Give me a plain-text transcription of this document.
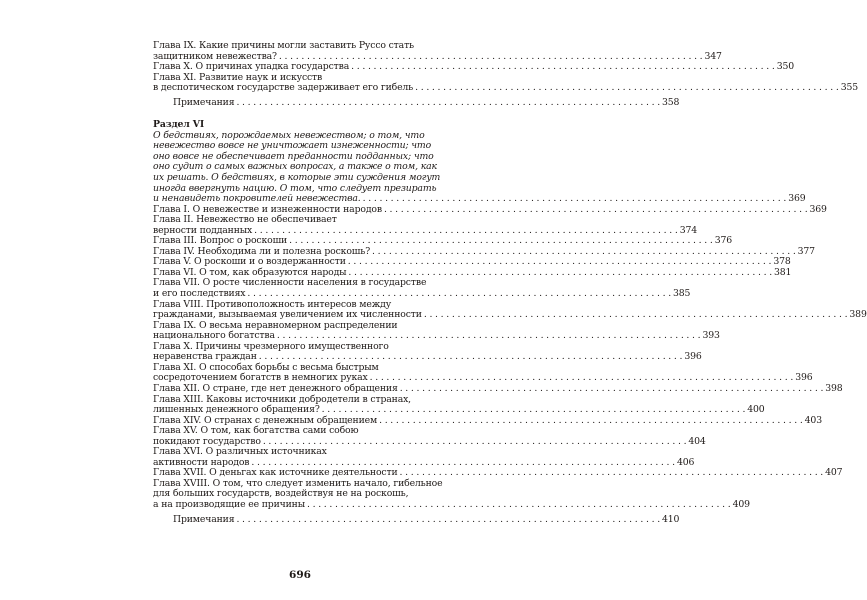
Глава IX. Какие причины могли заставить Руссо стать
защитником невежества? . . .	347
Глава X. О причинах упадка государства . . .	350
Глава XI. Развитие наук и искусств
в деспотическом государстве задерживает его гибель . . .	355
Примечания . . .	358
Раздел VI
О бедствиях, порождаемых невежеством; о том, что невежество вовсе не уничтожает изнеженности; что оно вовсе не обеспечивает преданности подданных; что оно судит о самых важных вопросах, а также о том, как их решать. О бедствиях, в которые эти суждения могут иногда ввергнуть нацию. О том, что следует презирать
и ненавидеть покровителей невежества. . . .	369
Глава I. О невежестве и изнеженности народов . . .	369
Глава II. Невежество не обеспечивает
верности подданных . . .	374
Глава III. Вопрос о роскоши . . .	376
Глава IV. Необходима ли и полезна роскошь? . . .	377
Глава V. О роскоши и о воздержанности . . .	378
Глава VI. О том, как образуются народы . . .	381
Глава VII. О росте численности населения в государстве
и его последствиях . . .	385
Глава VIII. Противоположность интересов между
гражданами, вызываемая увеличением их численности . . .	389
Глава IX. О весьма неравномерном распределении
национального богатства . . .	393
Глава X. Причины чрезмерного имущественного
неравенства граждан . . .	396
Глава XI. О способах борьбы с весьма быстрым
сосредоточением богатств в немногих руках . . .	396
Глава XII. О стране, где нет денежного обращения . . .	398
Глава XIII. Каковы источники добродетели в странах,
лишенных денежного обращения? . . .	400
Глава XIV. О странах с денежным обращением . . .	403
Глава XV. О том, как богатства сами собою
покидают государство . . .	404
Глава XVI. О различных источниках
активности народов . . .	406
Глава XVII. О деньгах как источнике деятельности . . .	407
Глава XVIII. О том, что следует изменить начало, гибельное
для больших государств, воздействуя не на роскошь,
а на производящие ее причины . . .	409
Примечания . . .	410
696
